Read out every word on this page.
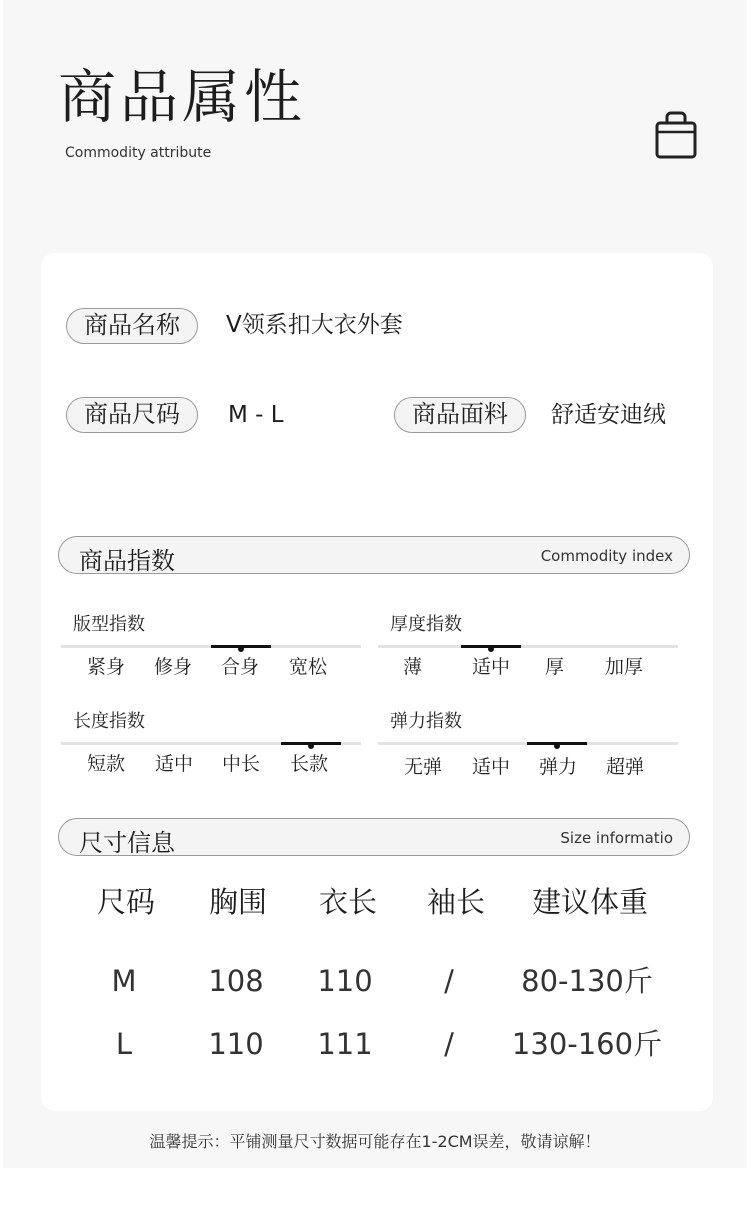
商品属性
Commodity attribute
商品名称	V领系扣大衣外套
商品尺码	M - L	商品面料	舒适安迪绒
商品指数	Commodity index
版型指数
紧身 修身 合身 宽松
厚度指数
薄	适中 厚 加厚
长度指数
短款 适中 中长 长款
弹力指数
无弹 适中 弹力 超弹
尺寸信息	Size informatio
尺码 胸围 衣长 袖长 建议体重
M 108 110 / 80-130斤
L	110 111 / 130-160斤
温馨提示：平铺测量尺寸数据可能存在1-2CM误差，敬请谅解！
